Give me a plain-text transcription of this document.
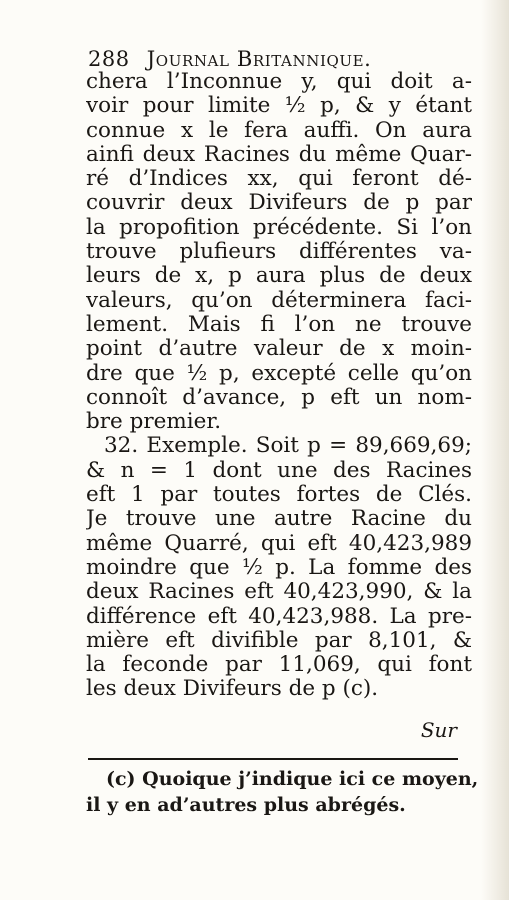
288 Journal Britannique.
chera l’Inconnue y, qui doit a-
voir pour limite ½ p, & y étant
connue x le fera auffi. On aura
ainfi deux Racines du même Quar-
ré d’Indices xx, qui feront dé-
couvrir deux Divifeurs de p par
la propofition précédente. Si l’on
trouve plufieurs différentes va-
leurs de x, p aura plus de deux
valeurs, qu’on déterminera faci-
lement. Mais fi l’on ne trouve
point d’autre valeur de x moin-
dre que ½ p, excepté celle qu’on
connoît d’avance, p eft un nom-
bre premier.
32. Exemple. Soit p = 89,669,69;
& n = 1 dont une des Racines
eft 1 par toutes fortes de Clés.
Je trouve une autre Racine du
même Quarré, qui eft 40,423,989
moindre que ½ p. La fomme des
deux Racines eft 40,423,990, & la
différence eft 40,423,988. La pre-
mière eft divifible par 8,101, &
la feconde par 11,069, qui font
les deux Divifeurs de p (c).
Sur
(c) Quoique j’indique ici ce moyen,
il y en ad’autres plus abrégés.
